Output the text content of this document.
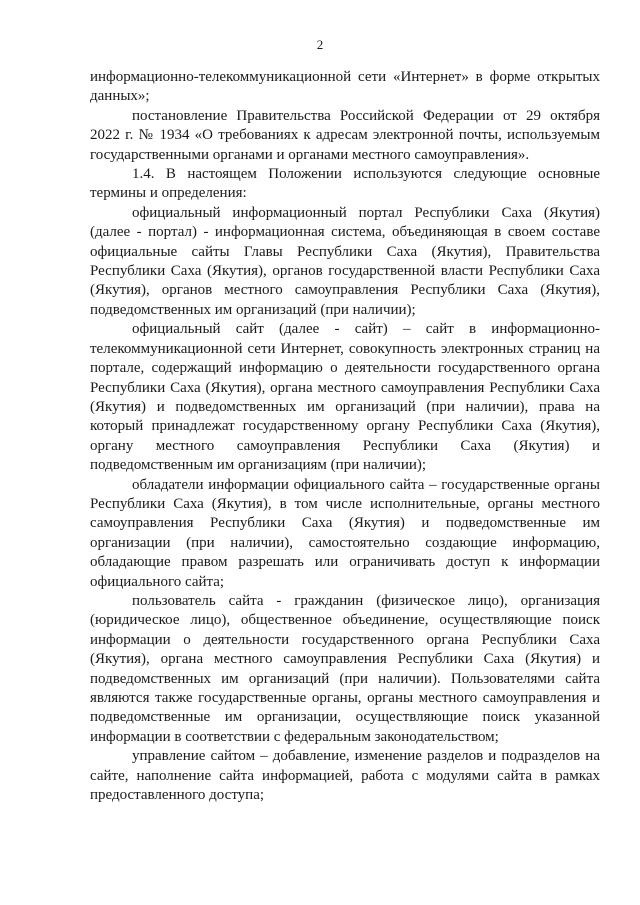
2

информационно-телекоммуникационной сети «Интернет» в форме открытых данных»;

постановление Правительства Российской Федерации от 29 октября 2022 г. № 1934 «О требованиях к адресам электронной почты, используемым государственными органами и органами местного самоуправления».

1.4. В настоящем Положении используются следующие основные термины и определения:

официальный информационный портал Республики Саха (Якутия) (далее - портал) - информационная система, объединяющая в своем составе официальные сайты Главы Республики Саха (Якутия), Правительства Республики Саха (Якутия), органов государственной власти Республики Саха (Якутия), органов местного самоуправления Республики Саха (Якутия), подведомственных им организаций (при наличии);

официальный сайт (далее - сайт) – сайт в информационно-телекоммуникационной сети Интернет, совокупность электронных страниц на портале, содержащий информацию о деятельности государственного органа Республики Саха (Якутия), органа местного самоуправления Республики Саха (Якутия) и подведомственных им организаций (при наличии), права на который принадлежат государственному органу Республики Саха (Якутия), органу местного самоуправления Республики Саха (Якутия) и подведомственным им организациям (при наличии);

обладатели информации официального сайта – государственные органы Республики Саха (Якутия), в том числе исполнительные, органы местного самоуправления Республики Саха (Якутия) и подведомственные им организации (при наличии), самостоятельно создающие информацию, обладающие правом разрешать или ограничивать доступ к информации официального сайта;

пользователь сайта - гражданин (физическое лицо), организация (юридическое лицо), общественное объединение, осуществляющие поиск информации о деятельности государственного органа Республики Саха (Якутия), органа местного самоуправления Республики Саха (Якутия) и подведомственных им организаций (при наличии). Пользователями сайта являются также государственные органы, органы местного самоуправления и подведомственные им организации, осуществляющие поиск указанной информации в соответствии с федеральным законодательством;

управление сайтом – добавление, изменение разделов и подразделов на сайте, наполнение сайта информацией, работа с модулями сайта в рамках предоставленного доступа;
